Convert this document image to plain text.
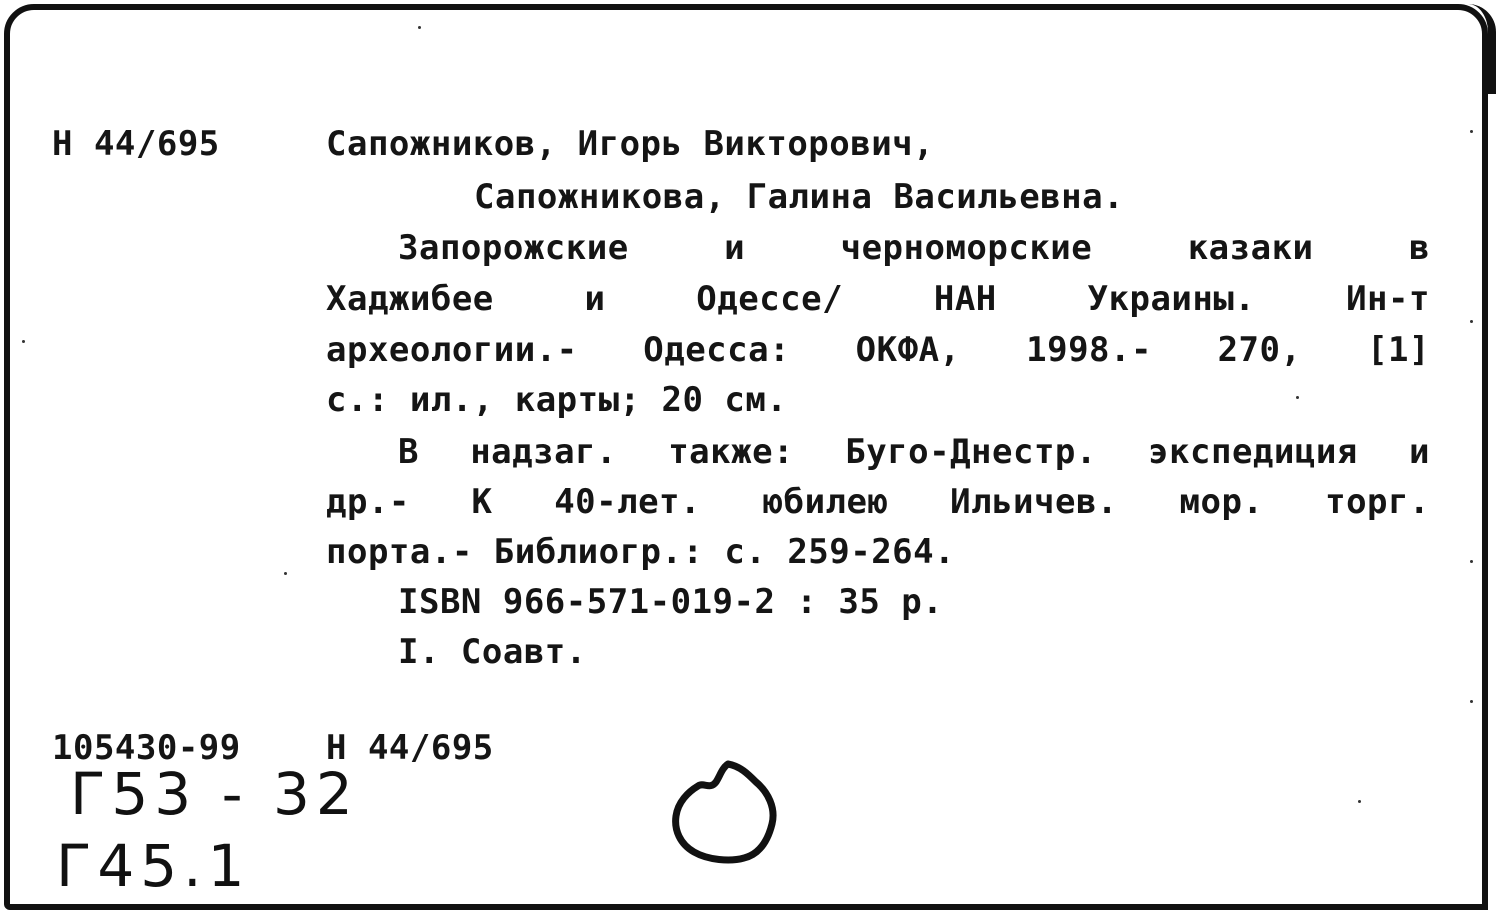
Н 44/695	Сапожников, Игорь Викторович,
Сапожникова, Галина Васильевна.
Запорожские	и	черноморские	казаки	в
Хаджибее	и	Одессе/	НАН	Украины.	Ин-т
археологии.- Одесса: ОКФА, 1998.- 270, [1]
с.: ил., карты; 20 см.
В надзаг. также: Буго-Днестр. экспедиция и
др.- К 40-лет. юбилею Ильичев. мор. торг.
порта.- Библиогр.: с. 259-264.
ISBN 966-571-019-2 : 35 р.
I. Соавт.
105430-99	Н 44/695
Г53 - 32
Г45.1
